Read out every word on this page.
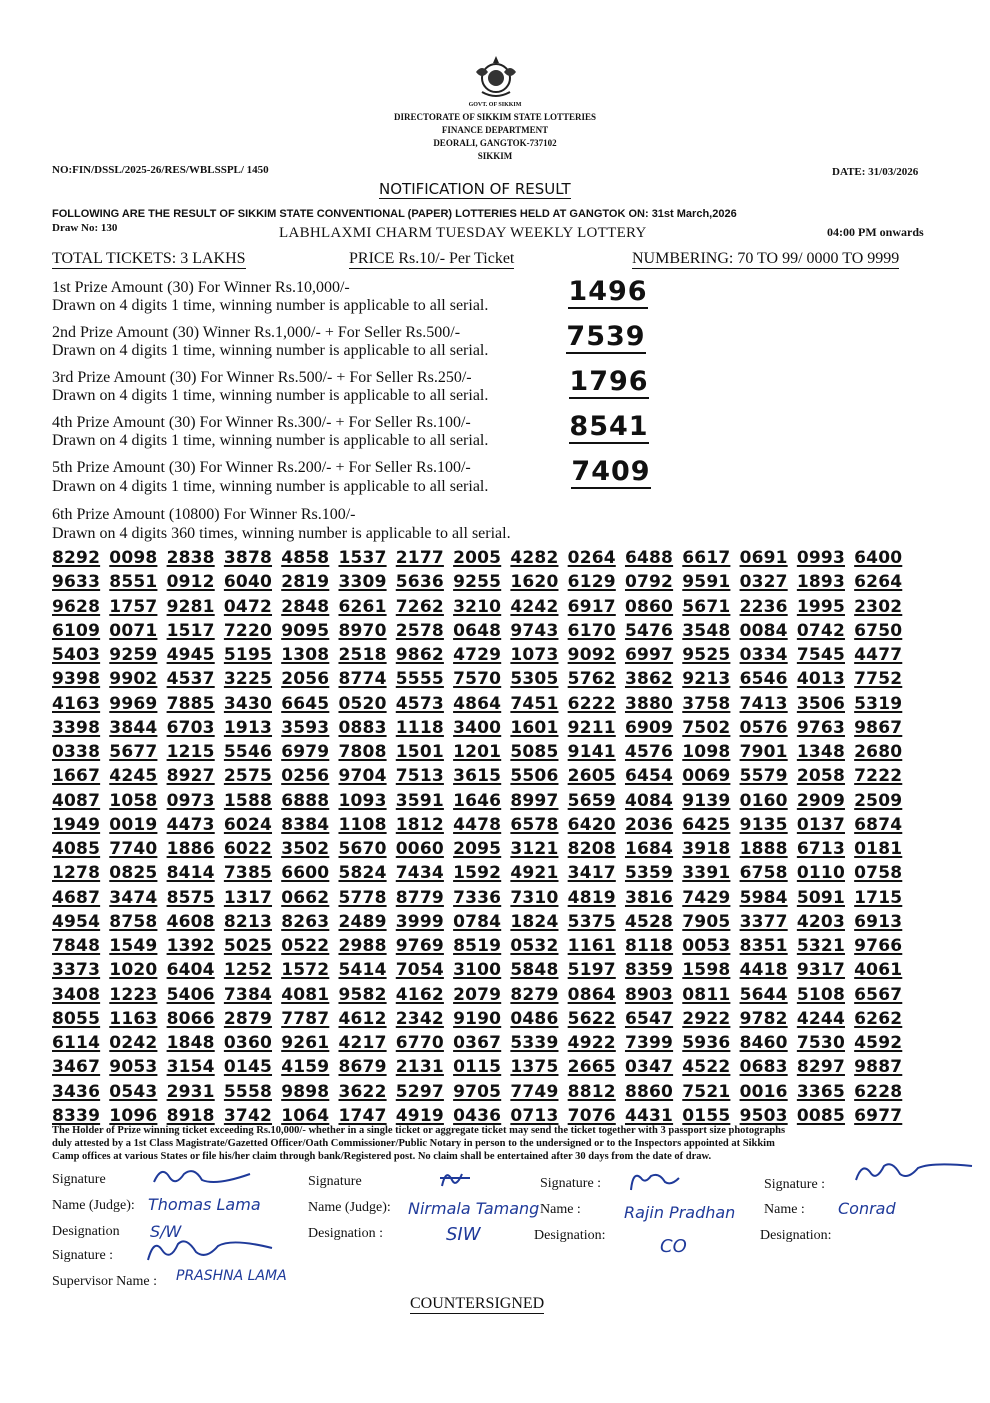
GOVT. OF SIKKIM
DIRECTORATE OF SIKKIM STATE LOTTERIES
FINANCE DEPARTMENT
DEORALI, GANGTOK-737102
SIKKIM
NO:FIN/DSSL/2025-26/RES/WBLSSPL/ 1450	DATE: 31/03/2026
NOTIFICATION OF RESULT
FOLLOWING ARE THE RESULT OF SIKKIM STATE CONVENTIONAL (PAPER) LOTTERIES HELD AT GANGTOK ON: 31st March,2026
Draw No: 130	LABHLAXMI CHARM TUESDAY WEEKLY LOTTERY	04:00 PM onwards
TOTAL TICKETS: 3 LAKHS	PRICE Rs.10/- Per Ticket	NUMBERING: 70 TO 99/ 0000 TO 9999
1st Prize Amount (30) For Winner Rs.10,000/-
Drawn on 4 digits 1 time, winning number is applicable to all serial.	1496
2nd Prize Amount (30) Winner Rs.1,000/- + For Seller Rs.500/-
Drawn on 4 digits 1 time, winning number is applicable to all serial.	7539
3rd Prize Amount (30) For Winner Rs.500/- + For Seller Rs.250/-
Drawn on 4 digits 1 time, winning number is applicable to all serial.	1796
4th Prize Amount (30) For Winner Rs.300/- + For Seller Rs.100/-
Drawn on 4 digits 1 time, winning number is applicable to all serial.	8541
5th Prize Amount (30) For Winner Rs.200/- + For Seller Rs.100/-
Drawn on 4 digits 1 time, winning number is applicable to all serial.	7409
6th Prize Amount (10800) For Winner Rs.100/-
Drawn on 4 digits 360 times, winning number is applicable to all serial.
8292 0098 2838 3878 4858 1537 2177 2005 4282 0264 6488 6617 0691 0993 6400
9633 8551 0912 6040 2819 3309 5636 9255 1620 6129 0792 9591 0327 1893 6264
9628 1757 9281 0472 2848 6261 7262 3210 4242 6917 0860 5671 2236 1995 2302
6109 0071 1517 7220 9095 8970 2578 0648 9743 6170 5476 3548 0084 0742 6750
5403 9259 4945 5195 1308 2518 9862 4729 1073 9092 6997 9525 0334 7545 4477
9398 9902 4537 3225 2056 8774 5555 7570 5305 5762 3862 9213 6546 4013 7752
4163 9969 7885 3430 6645 0520 4573 4864 7451 6222 3880 3758 7413 3506 5319
3398 3844 6703 1913 3593 0883 1118 3400 1601 9211 6909 7502 0576 9763 9867
0338 5677 1215 5546 6979 7808 1501 1201 5085 9141 4576 1098 7901 1348 2680
1667 4245 8927 2575 0256 9704 7513 3615 5506 2605 6454 0069 5579 2058 7222
4087 1058 0973 1588 6888 1093 3591 1646 8997 5659 4084 9139 0160 2909 2509
1949 0019 4473 6024 8384 1108 1812 4478 6578 6420 2036 6425 9135 0137 6874
4085 7740 1886 6022 3502 5670 0060 2095 3121 8208 1684 3918 1888 6713 0181
1278 0825 8414 7385 6600 5824 7434 1592 4921 3417 5359 3391 6758 0110 0758
4687 3474 8575 1317 0662 5778 8779 7336 7310 4819 3816 7429 5984 5091 1715
4954 8758 4608 8213 8263 2489 3999 0784 1824 5375 4528 7905 3377 4203 6913
7848 1549 1392 5025 0522 2988 9769 8519 0532 1161 8118 0053 8351 5321 9766
3373 1020 6404 1252 1572 5414 7054 3100 5848 5197 8359 1598 4418 9317 4061
3408 1223 5406 7384 4081 9582 4162 2079 8279 0864 8903 0811 5644 5108 6567
8055 1163 8066 2879 7787 4612 2342 9190 0486 5622 6547 2922 9782 4244 6262
6114 0242 1848 0360 9261 4217 6770 0367 5339 4922 7399 5936 8460 7530 4592
3467 9053 3154 0145 4159 8679 2131 0115 1375 2665 0347 4522 0683 8297 9887
3436 0543 2931 5558 9898 3622 5297 9705 7749 8812 8860 7521 0016 3365 6228
8339 1096 8918 3742 1064 1747 4919 0436 0713 7076 4431 0155 9503 0085 6977
The Holder of Prize winning ticket exceeding Rs.10,000/- whether in a single ticket or aggregate ticket may send the ticket together with 3 passport size photographs
duly attested by a 1st Class Magistrate/Gazetted Officer/Oath Commissioner/Public Notary in person to the undersigned or to the Inspectors appointed at Sikkim
Camp offices at various States or file his/her claim through bank/Registered post. No claim shall be entertained after 30 days from the date of draw.
Signature
Name (Judge): Thomas Lama
Designation S/W
Signature
Name (Judge): Nirmala Tamang
Designation :	SIW
Signature :
Name :	Rajin Pradhan
Designation:
CO
Signature :
Name : Conrad
Designation:
Signature :
Supervisor Name : PRASHNA LAMA
COUNTERSIGNED
